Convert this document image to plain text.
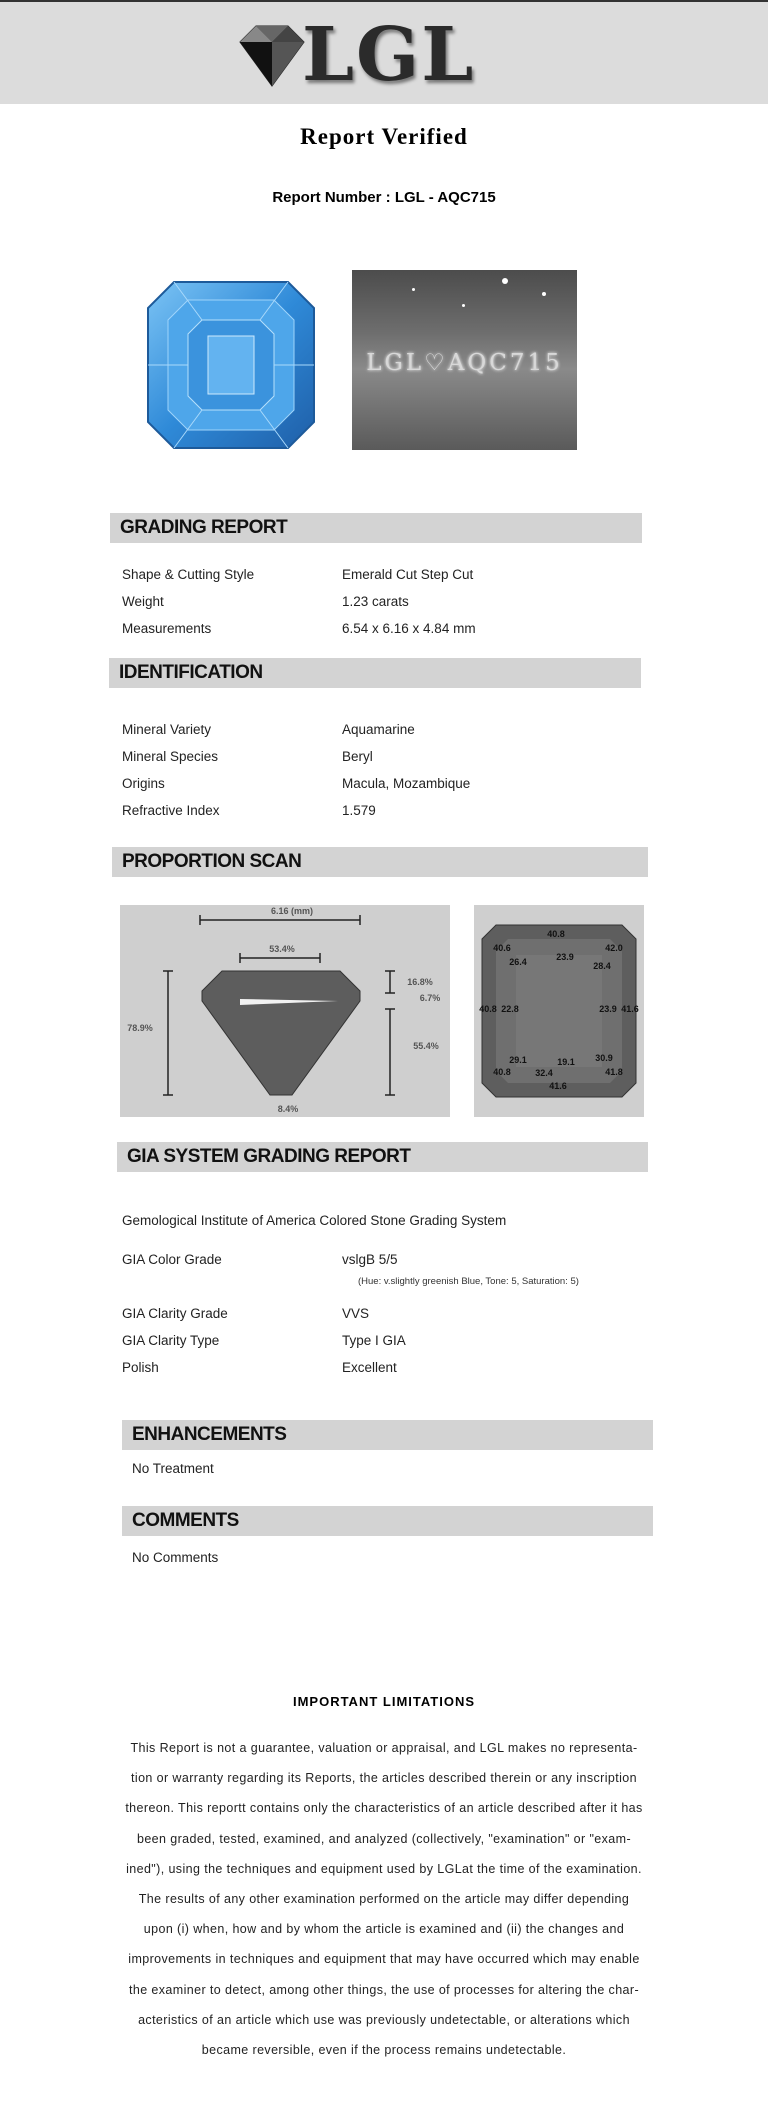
LGL
Report Verified
Report Number : LGL - AQC715
LGL♡AQC715
GRADING REPORT
Shape & Cutting Style	Emerald Cut Step Cut
Weight	1.23 carats
Measurements	6.54 x 6.16 x 4.84 mm
IDENTIFICATION
Mineral Variety	Aquamarine
Mineral Species	Beryl
Origins	Macula, Mozambique
Refractive Index	1.579
PROPORTION SCAN
6.16 (mm)
53.4%
78.9%
16.8%
6.7%
55.4%
8.4%
40.8
40.6	42.0
26.4	23.9
28.4
40.8 22.8	23.9 41.6
29.1	19.1 30.9
40.8	32.4	41.8
41.6
GIA SYSTEM GRADING REPORT
Gemological Institute of America Colored Stone Grading System
GIA Color Grade	vslgB 5/5
(Hue: v.slightly greenish Blue, Tone: 5, Saturation: 5)
GIA Clarity Grade	VVS
GIA Clarity Type	Type I GIA
Polish	Excellent
ENHANCEMENTS
No Treatment
COMMENTS
No Comments
IMPORTANT LIMITATIONS
This Report is not a guarantee, valuation or appraisal, and LGL makes no representa-
tion or warranty regarding its Reports, the articles described therein or any inscription
thereon. This reportt contains only the characteristics of an article described after it has
been graded, tested, examined, and analyzed (collectively, "examination" or "exam-
ined"), using the techniques and equipment used by LGLat the time of the examination.
The results of any other examination performed on the article may differ depending
upon (i) when, how and by whom the article is examined and (ii) the changes and
improvements in techniques and equipment that may have occurred which may enable
the examiner to detect, among other things, the use of processes for altering the char-
acteristics of an article which use was previously undetectable, or alterations which
became reversible, even if the process remains undetectable.
